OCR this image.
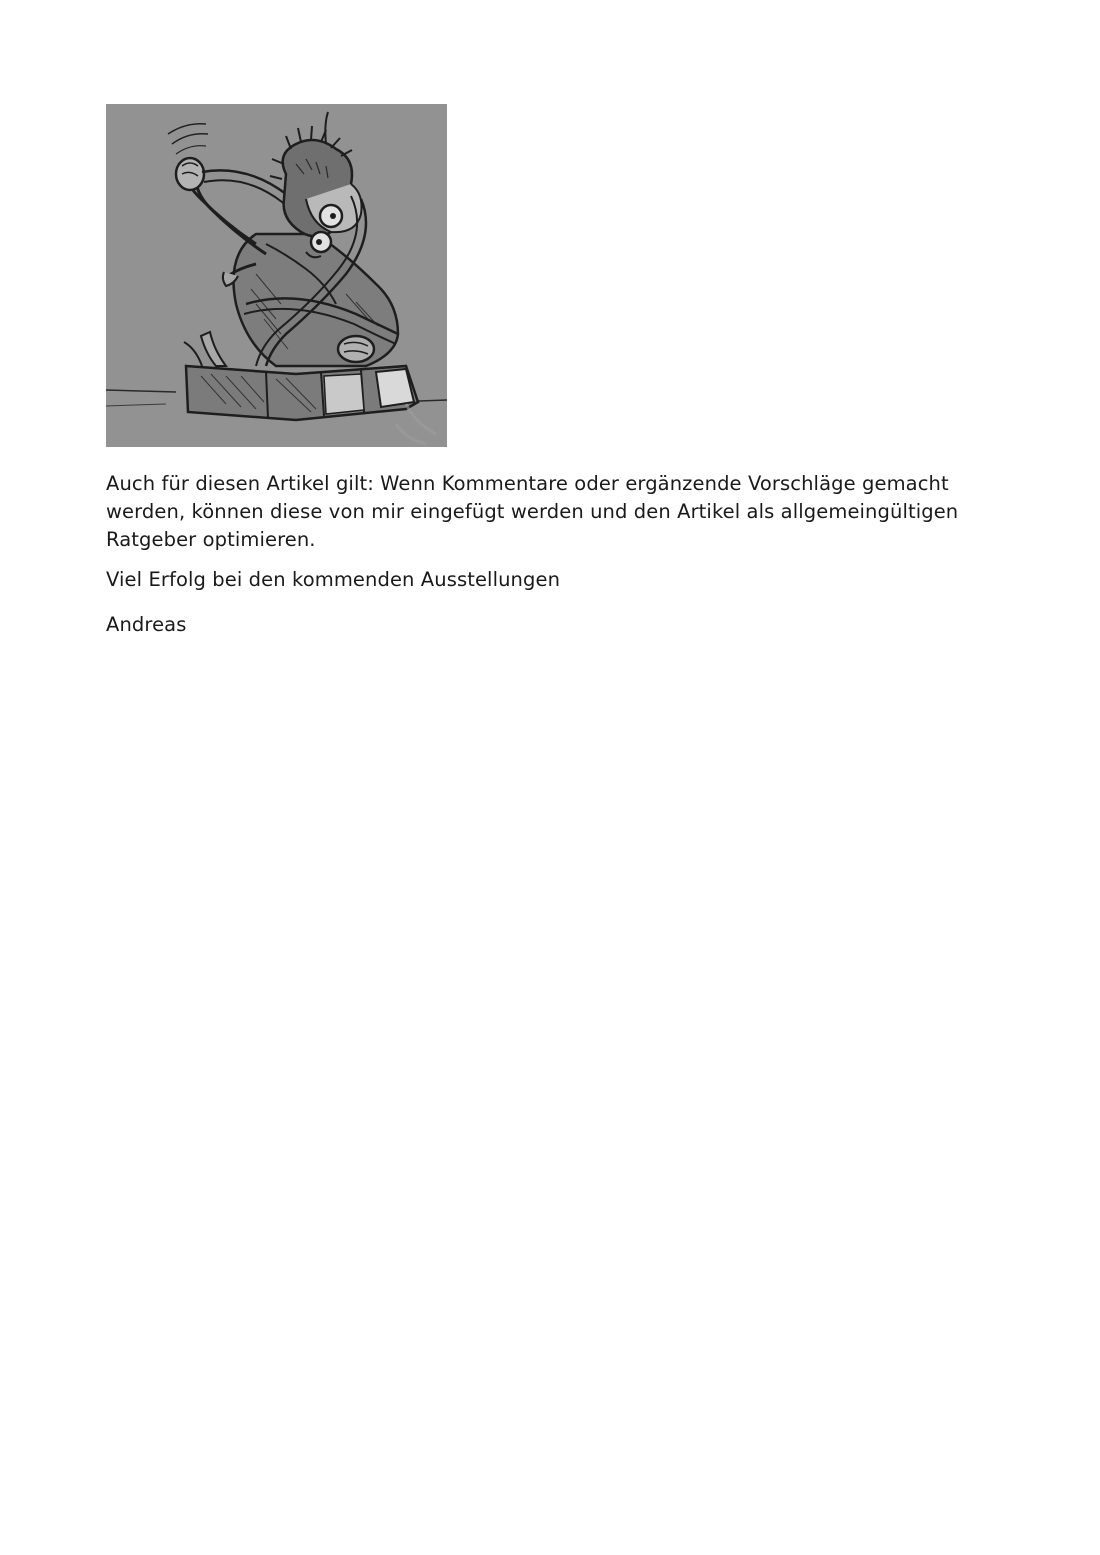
Auch für diesen Artikel gilt: Wenn Kommentare oder ergänzende Vorschläge gemacht werden, können diese von mir eingefügt werden und den Artikel als allgemeingültigen Ratgeber optimieren.

Viel Erfolg bei den kommenden Ausstellungen

Andreas
